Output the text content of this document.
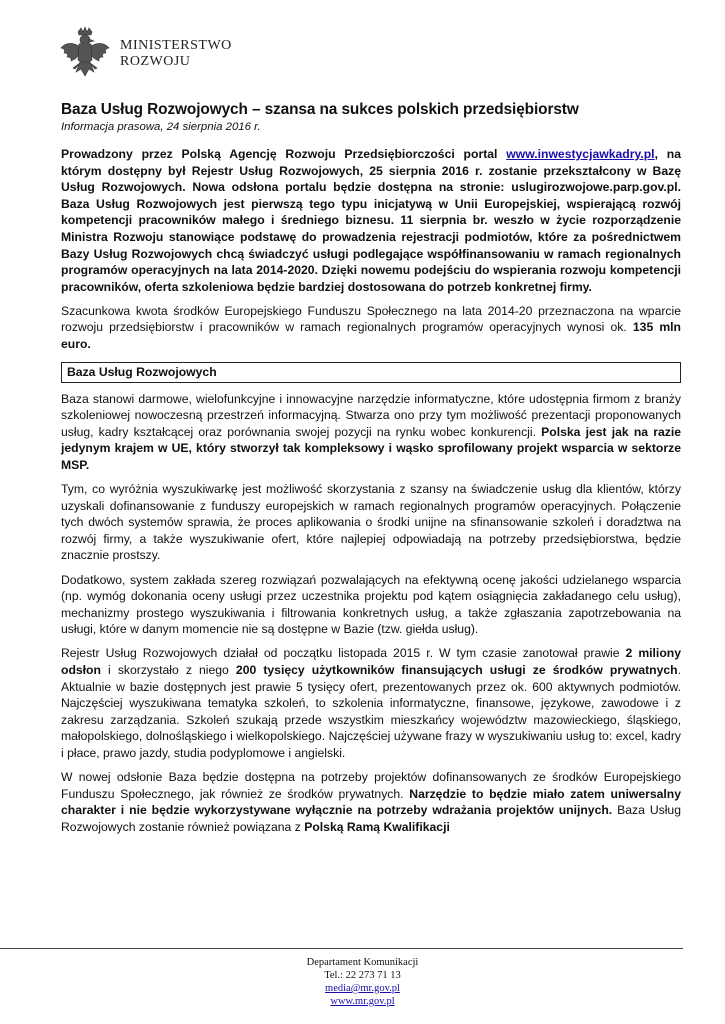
MINISTERSTWO
ROZWOJU
Baza Usług Rozwojowych – szansa na sukces polskich przedsiębiorstw
Informacja prasowa, 24 sierpnia 2016 r.

Prowadzony przez Polską Agencję Rozwoju Przedsiębiorczości portal www.inwestycjawkadry.pl, na którym dostępny był Rejestr Usług Rozwojowych, 25 sierpnia 2016 r. zostanie przekształcony w Bazę Usług Rozwojowych. Nowa odsłona portalu będzie dostępna na stronie: uslugirozwojowe.parp.gov.pl. Baza Usług Rozwojowych jest pierwszą tego typu inicjatywą w Unii Europejskiej, wspierającą rozwój kompetencji pracowników małego i średniego biznesu. 11 sierpnia br. weszło w życie rozporządzenie Ministra Rozwoju stanowiące podstawę do prowadzenia rejestracji podmiotów, które za pośrednictwem Bazy Usług Rozwojowych chcą świadczyć usługi podlegające współfinansowaniu w ramach regionalnych programów operacyjnych na lata 2014-2020. Dzięki nowemu podejściu do wspierania rozwoju kompetencji pracowników, oferta szkoleniowa będzie bardziej dostosowana do potrzeb konkretnej firmy.

Szacunkowa kwota środków Europejskiego Funduszu Społecznego na lata 2014-20 przeznaczona na wparcie rozwoju przedsiębiorstw i pracowników w ramach regionalnych programów operacyjnych wynosi ok. 135 mln euro.

Baza Usług Rozwojowych

Baza stanowi darmowe, wielofunkcyjne i innowacyjne narzędzie informatyczne, które udostępnia firmom z branży szkoleniowej nowoczesną przestrzeń informacyjną. Stwarza ono przy tym możliwość prezentacji proponowanych usług, kadry kształcącej oraz porównania swojej pozycji na rynku wobec konkurencji. Polska jest jak na razie jedynym krajem w UE, który stworzył tak kompleksowy i wąsko sprofilowany projekt wsparcia w sektorze MSP.

Tym, co wyróżnia wyszukiwarkę jest możliwość skorzystania z szansy na świadczenie usług dla klientów, którzy uzyskali dofinansowanie z funduszy europejskich w ramach regionalnych programów operacyjnych. Połączenie tych dwóch systemów sprawia, że proces aplikowania o środki unijne na sfinansowanie szkoleń i doradztwa na rozwój firmy, a także wyszukiwanie ofert, które najlepiej odpowiadają na potrzeby przedsiębiorstwa, będzie znacznie prostszy.

Dodatkowo, system zakłada szereg rozwiązań pozwalających na efektywną ocenę jakości udzielanego wsparcia (np. wymóg dokonania oceny usługi przez uczestnika projektu pod kątem osiągnięcia zakładanego celu usług), mechanizmy prostego wyszukiwania i filtrowania konkretnych usług, a także zgłaszania zapotrzebowania na usługi, które w danym momencie nie są dostępne w Bazie (tzw. giełda usług).

Rejestr Usług Rozwojowych działał od początku listopada 2015 r. W tym czasie zanotował prawie 2 miliony odsłon i skorzystało z niego 200 tysięcy użytkowników finansujących usługi ze środków prywatnych. Aktualnie w bazie dostępnych jest prawie 5 tysięcy ofert, prezentowanych przez ok. 600 aktywnych podmiotów. Najczęściej wyszukiwana tematyka szkoleń, to szkolenia informatyczne, finansowe, językowe, zawodowe i z zakresu zarządzania. Szkoleń szukają przede wszystkim mieszkańcy województw mazowieckiego, śląskiego, małopolskiego, dolnośląskiego i wielkopolskiego. Najczęściej używane frazy w wyszukiwaniu usług to: excel, kadry i płace, prawo jazdy, studia podyplomowe i angielski.

W nowej odsłonie Baza będzie dostępna na potrzeby projektów dofinansowanych ze środków Europejskiego Funduszu Społecznego, jak również ze środków prywatnych. Narzędzie to będzie miało zatem uniwersalny charakter i nie będzie wykorzystywane wyłącznie na potrzeby wdrażania projektów unijnych. Baza Usług Rozwojowych zostanie również powiązana z Polską Ramą Kwalifikacji

Departament Komunikacji
Tel.: 22 273 71 13
media@mr.gov.pl
www.mr.gov.pl
